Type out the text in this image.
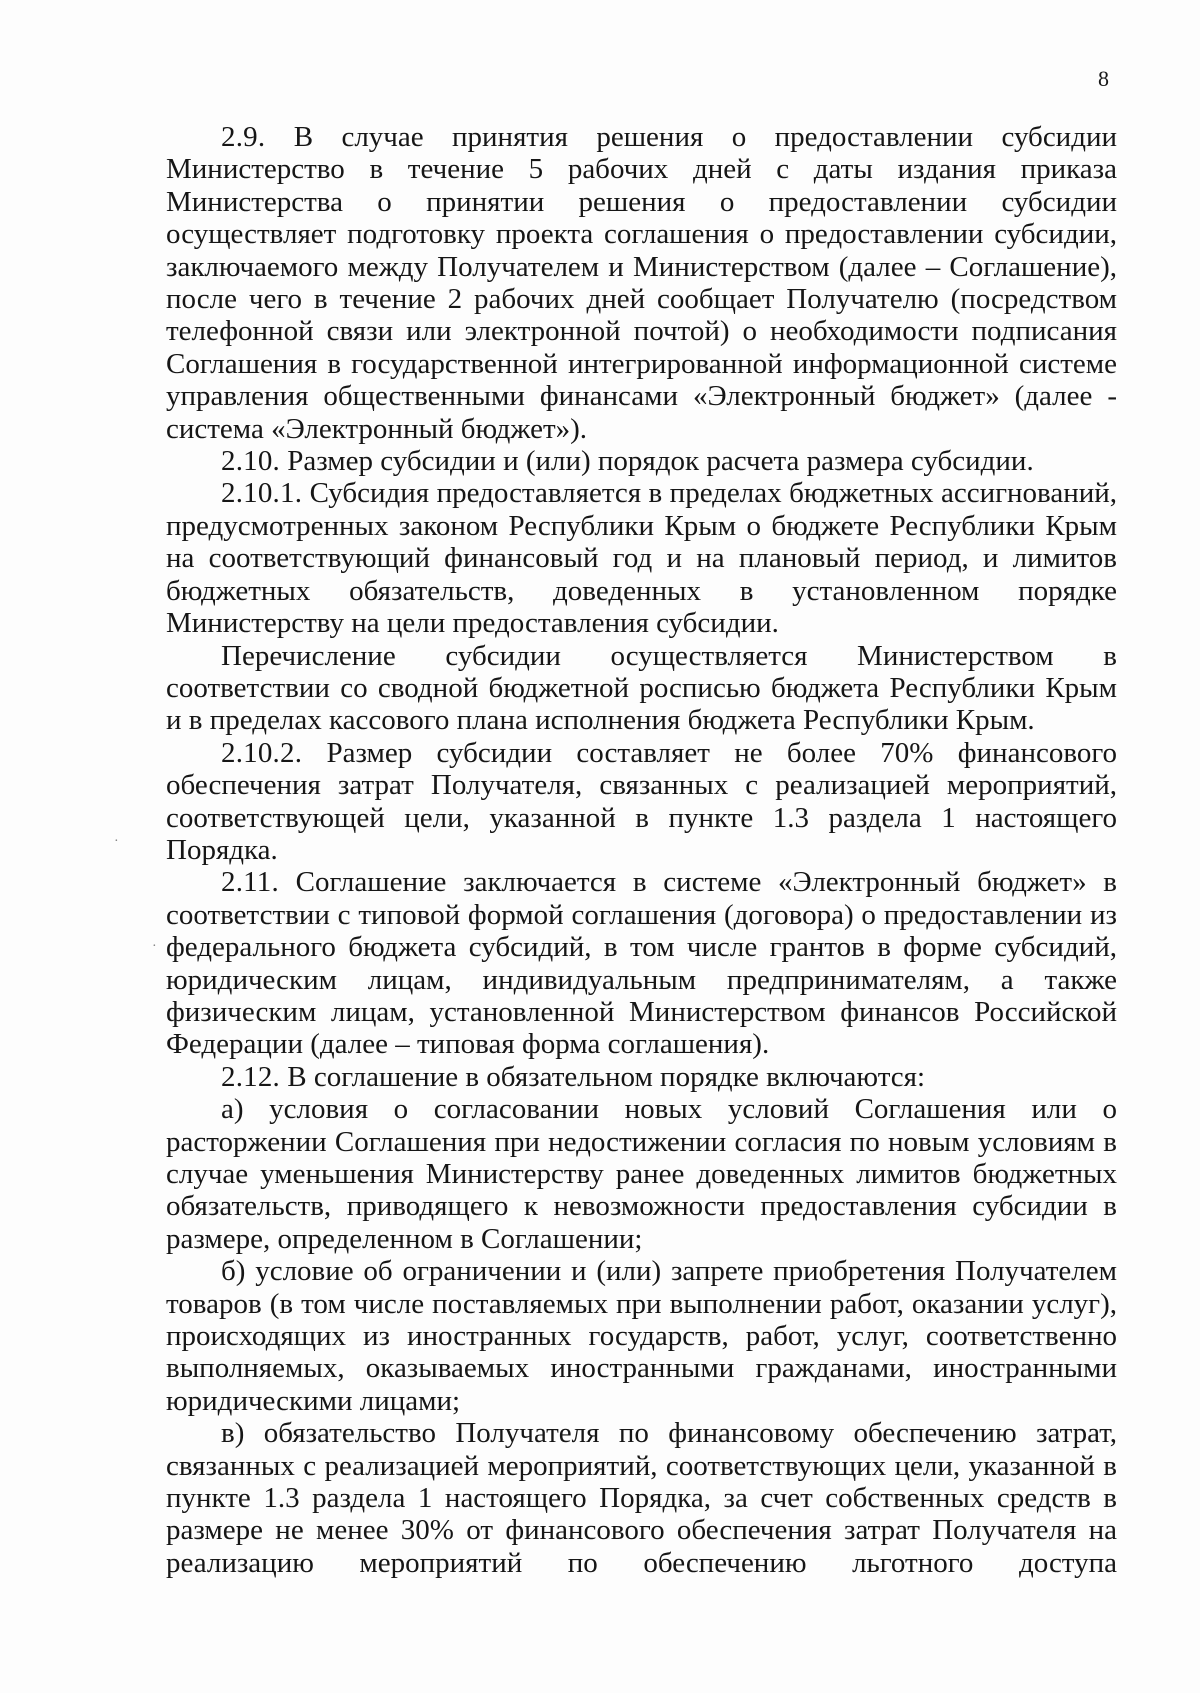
8

2.9. В случае принятия решения о предоставлении субсидии Министерство в течение 5 рабочих дней с даты издания приказа Министерства о принятии решения о предоставлении субсидии осуществляет подготовку проекта соглашения о предоставлении субсидии, заключаемого между Получателем и Министерством (далее – Соглашение), после чего в течение 2 рабочих дней сообщает Получателю (посредством телефонной связи или электронной почтой) о необходимости подписания Соглашения в государственной интегрированной информационной системе управления общественными финансами «Электронный бюджет» (далее - система «Электронный бюджет»).

2.10. Размер субсидии и (или) порядок расчета размера субсидии.

2.10.1. Субсидия предоставляется в пределах бюджетных ассигнований, предусмотренных законом Республики Крым о бюджете Республики Крым на соответствующий финансовый год и на плановый период, и лимитов бюджетных обязательств, доведенных в установленном порядке Министерству на цели предоставления субсидии.

Перечисление субсидии осуществляется Министерством в соответствии со сводной бюджетной росписью бюджета Республики Крым и в пределах кассового плана исполнения бюджета Республики Крым.

2.10.2. Размер субсидии составляет не более 70% финансового обеспечения затрат Получателя, связанных с реализацией мероприятий, соответствующей цели, указанной в пункте 1.3 раздела 1 настоящего Порядка.

2.11. Соглашение заключается в системе «Электронный бюджет» в соответствии с типовой формой соглашения (договора) о предоставлении из федерального бюджета субсидий, в том числе грантов в форме субсидий, юридическим лицам, индивидуальным предпринимателям, а также физическим лицам, установленной Министерством финансов Российской Федерации (далее – типовая форма соглашения).

2.12. В соглашение в обязательном порядке включаются:

а) условия о согласовании новых условий Соглашения или о расторжении Соглашения при недостижении согласия по новым условиям в случае уменьшения Министерству ранее доведенных лимитов бюджетных обязательств, приводящего к невозможности предоставления субсидии в размере, определенном в Соглашении;

б) условие об ограничении и (или) запрете приобретения Получателем товаров (в том числе поставляемых при выполнении работ, оказании услуг), происходящих из иностранных государств, работ, услуг, соответственно выполняемых, оказываемых иностранными гражданами, иностранными юридическими лицами;

в) обязательство Получателя по финансовому обеспечению затрат, связанных с реализацией мероприятий, соответствующих цели, указанной в пункте 1.3 раздела 1 настоящего Порядка, за счет собственных средств в размере не менее 30% от финансового обеспечения затрат Получателя на реализацию мероприятий по обеспечению льготного доступа

·
·
